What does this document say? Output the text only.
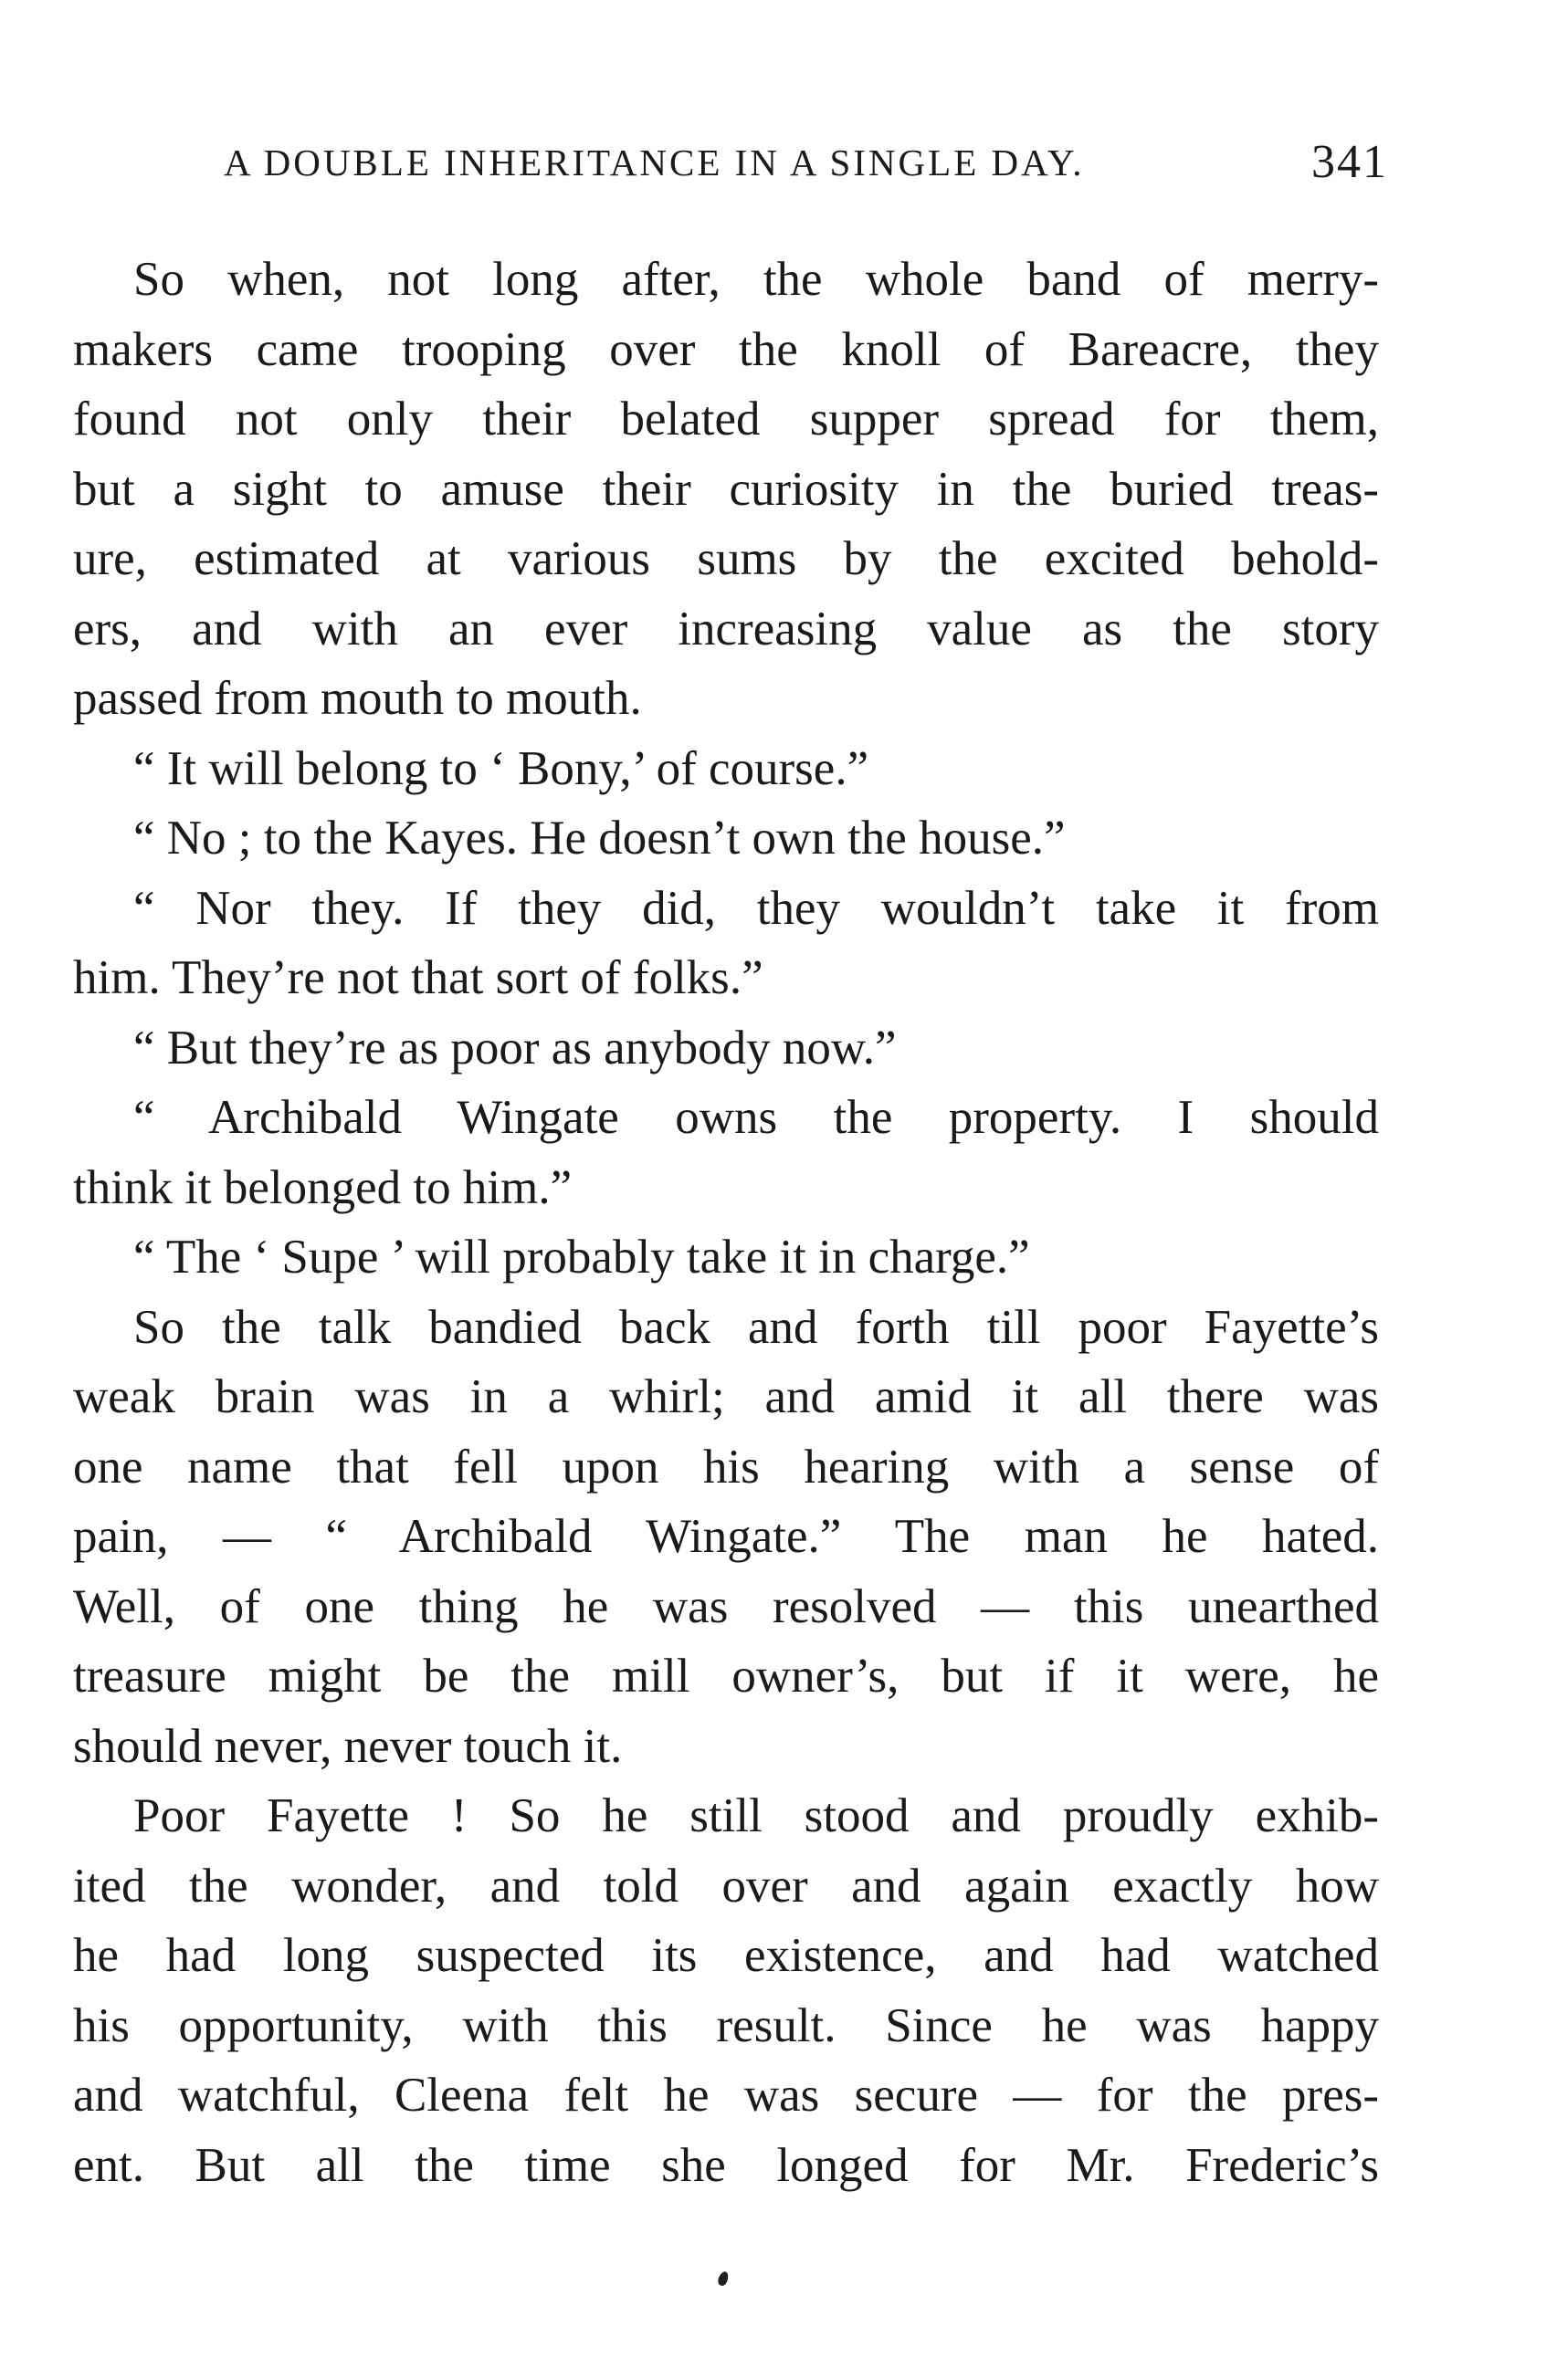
A DOUBLE INHERITANCE IN A SINGLE DAY.	341
So when, not long after, the whole band of merry-
makers came trooping over the knoll of Bareacre, they
found not only their belated supper spread for them,
but a sight to amuse their curiosity in the buried treas-
ure, estimated at various sums by the excited behold-
ers, and with an ever increasing value as the story
passed from mouth to mouth.
“ It will belong to ‘ Bony,’ of course.”
“ No ; to the Kayes. He doesn’t own the house.”
“ Nor they. If they did, they wouldn’t take it from
him. They’re not that sort of folks.”
“ But they’re as poor as anybody now.”
“ Archibald Wingate owns the property. I should
think it belonged to him.”
“ The ‘ Supe ’ will probably take it in charge.”
So the talk bandied back and forth till poor Fayette’s
weak brain was in a whirl; and amid it all there was
one name that fell upon his hearing with a sense of
pain, — “ Archibald Wingate.” The man he hated.
Well, of one thing he was resolved — this unearthed
treasure might be the mill owner’s, but if it were, he
should never, never touch it.
Poor Fayette ! So he still stood and proudly exhib-
ited the wonder, and told over and again exactly how
he had long suspected its existence, and had watched
his opportunity, with this result. Since he was happy
and watchful, Cleena felt he was secure — for the pres-
ent. But all the time she longed for Mr. Frederic’s
